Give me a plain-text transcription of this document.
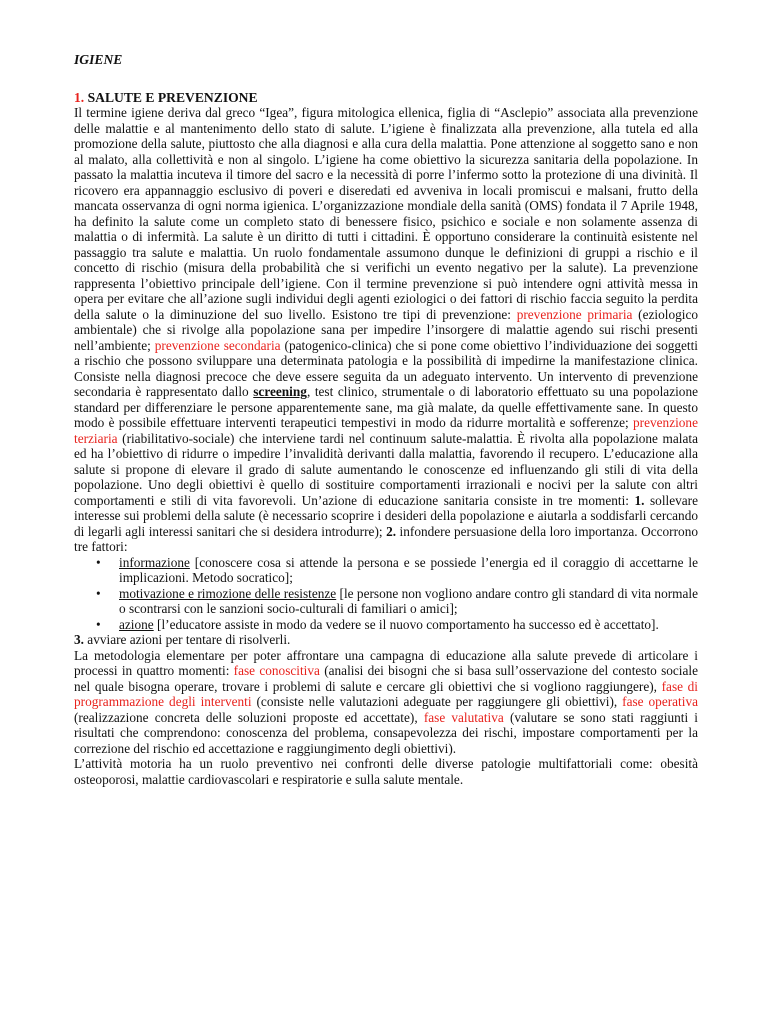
IGIENE
1. SALUTE E PREVENZIONE

Il termine igiene deriva dal greco “Igea”, figura mitologica ellenica, figlia di “Asclepio” associata alla prevenzione delle malattie e al mantenimento dello stato di salute. L’igiene è finalizzata alla prevenzione, alla tutela ed alla promozione della salute, piuttosto che alla diagnosi e alla cura della malattia. Pone attenzione al soggetto sano e non al malato, alla collettività e non al singolo. L’igiene ha come obiettivo la sicurezza sanitaria della popolazione. In passato la malattia incuteva il timore del sacro e la necessità di porre l’infermo sotto la protezione di una divinità. Il ricovero era appannaggio esclusivo di poveri e diseredati ed avveniva in locali promiscui e malsani, frutto della mancata osservanza di ogni norma igienica. L’organizzazione mondiale della sanità (OMS) fondata il 7 Aprile 1948, ha definito la salute come un completo stato di benessere fisico, psichico e sociale e non solamente assenza di malattia o di infermità. La salute è un diritto di tutti i cittadini. È opportuno considerare la continuità esistente nel passaggio tra salute e malattia. Un ruolo fondamentale assumono dunque le definizioni di gruppi a rischio e il concetto di rischio (misura della probabilità che si verifichi un evento negativo per la salute). La prevenzione rappresenta l’obiettivo principale dell’igiene. Con il termine prevenzione si può intendere ogni attività messa in opera per evitare che all’azione sugli individui degli agenti eziologici o dei fattori di rischio faccia seguito la perdita della salute o la diminuzione del suo livello. Esistono tre tipi di prevenzione: prevenzione primaria (eziologico ambientale) che si rivolge alla popolazione sana per impedire l’insorgere di malattie agendo sui rischi presenti nell’ambiente; prevenzione secondaria (patogenico-clinica) che si pone come obiettivo l’individuazione dei soggetti a rischio che possono sviluppare una determinata patologia e la possibilità di impedirne la manifestazione clinica. Consiste nella diagnosi precoce che deve essere seguita da un adeguato intervento. Un intervento di prevenzione secondaria è rappresentato dallo screening, test clinico, strumentale o di laboratorio effettuato su una popolazione standard per differenziare le persone apparentemente sane, ma già malate, da quelle effettivamente sane. In questo modo è possibile effettuare interventi terapeutici tempestivi in modo da ridurre mortalità e sofferenze; prevenzione terziaria (riabilitativo-sociale) che interviene tardi nel continuum salute-malattia. È rivolta alla popolazione malata ed ha l’obiettivo di ridurre o impedire l’invalidità derivanti dalla malattia, favorendo il recupero. L’educazione alla salute si propone di elevare il grado di salute aumentando le conoscenze ed influenzando gli stili di vita della popolazione. Uno degli obiettivi è quello di sostituire comportamenti irrazionali e nocivi per la salute con altri comportamenti e stili di vita favorevoli. Un’azione di educazione sanitaria consiste in tre momenti: 1. sollevare interesse sui problemi della salute (è necessario scoprire i desideri della popolazione e aiutarla a soddisfarli cercando di legarli agli interessi sanitari che si desidera introdurre); 2. infondere persuasione della loro importanza. Occorrono tre fattori:

• informazione [conoscere cosa si attende la persona e se possiede l’energia ed il coraggio di accettarne le implicazioni. Metodo socratico];
• motivazione e rimozione delle resistenze [le persone non vogliono andare contro gli standard di vita normale o scontrarsi con le sanzioni socio-culturali di familiari o amici];
• azione [l’educatore assiste in modo da vedere se il nuovo comportamento ha successo ed è accettato].

3. avviare azioni per tentare di risolverli.

La metodologia elementare per poter affrontare una campagna di educazione alla salute prevede di articolare i processi in quattro momenti: fase conoscitiva (analisi dei bisogni che si basa sull’osservazione del contesto sociale nel quale bisogna operare, trovare i problemi di salute e cercare gli obiettivi che si vogliono raggiungere), fase di programmazione degli interventi (consiste nelle valutazioni adeguate per raggiungere gli obiettivi), fase operativa (realizzazione concreta delle soluzioni proposte ed accettate), fase valutativa (valutare se sono stati raggiunti i risultati che comprendono: conoscenza del problema, consapevolezza dei rischi, impostare comportamenti per la correzione del rischio ed accettazione e raggiungimento degli obiettivi).

L’attività motoria ha un ruolo preventivo nei confronti delle diverse patologie multifattoriali come: obesità osteoporosi, malattie cardiovascolari e respiratorie e sulla salute mentale.
